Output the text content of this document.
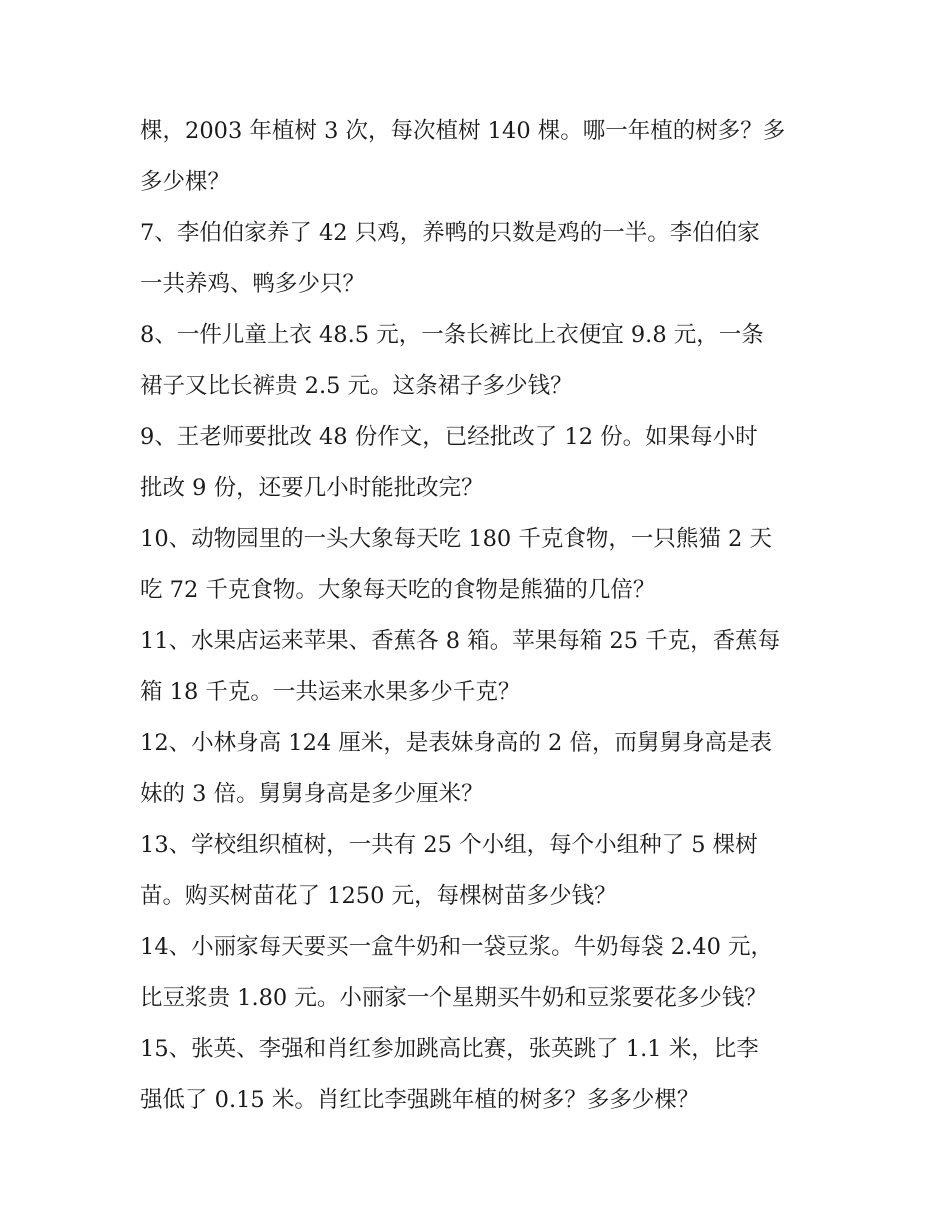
棵，2003 年植树 3 次，每次植树 140 棵。哪一年植的树多？多
多少棵？
7、李伯伯家养了 42 只鸡，养鸭的只数是鸡的一半。李伯伯家
一共养鸡、鸭多少只？
8、一件儿童上衣 48.5 元，一条长裤比上衣便宜 9.8 元，一条
裙子又比长裤贵 2.5 元。这条裙子多少钱？
9、王老师要批改 48 份作文，已经批改了 12 份。如果每小时
批改 9 份，还要几小时能批改完？
10、动物园里的一头大象每天吃 180 千克食物，一只熊猫 2 天
吃 72 千克食物。大象每天吃的食物是熊猫的几倍？
11、水果店运来苹果、香蕉各 8 箱。苹果每箱 25 千克，香蕉每
箱 18 千克。一共运来水果多少千克？
12、小林身高 124 厘米，是表妹身高的 2 倍，而舅舅身高是表
妹的 3 倍。舅舅身高是多少厘米？
13、学校组织植树，一共有 25 个小组，每个小组种了 5 棵树
苗。购买树苗花了 1250 元，每棵树苗多少钱？
14、小丽家每天要买一盒牛奶和一袋豆浆。牛奶每袋 2.40 元，
比豆浆贵 1.80 元。小丽家一个星期买牛奶和豆浆要花多少钱？
15、张英、李强和肖红参加跳高比赛，张英跳了 1.1 米，比李
强低了 0.15 米。肖红比李强跳年植的树多？多多少棵？
